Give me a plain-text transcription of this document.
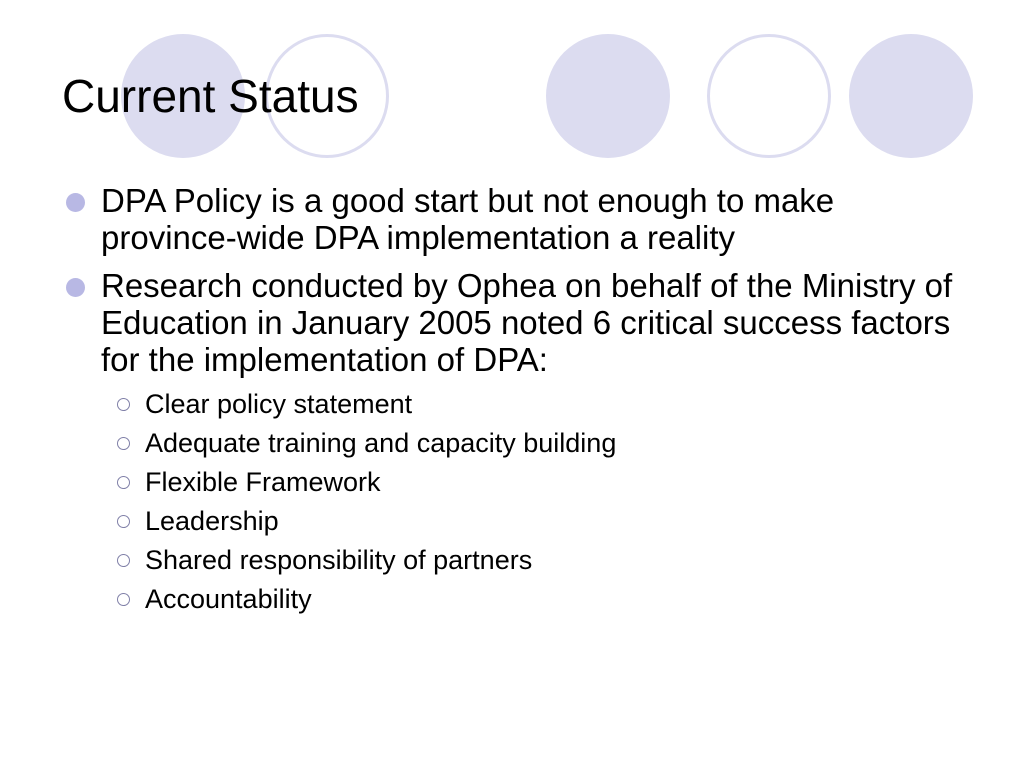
Current Status
DPA Policy is a good start but not enough to make province-wide DPA implementation a reality
Research conducted by Ophea on behalf of the Ministry of Education in January 2005 noted 6 critical success factors for the implementation of DPA:
Clear policy statement
Adequate training and capacity building
Flexible Framework
Leadership
Shared responsibility of partners
Accountability
